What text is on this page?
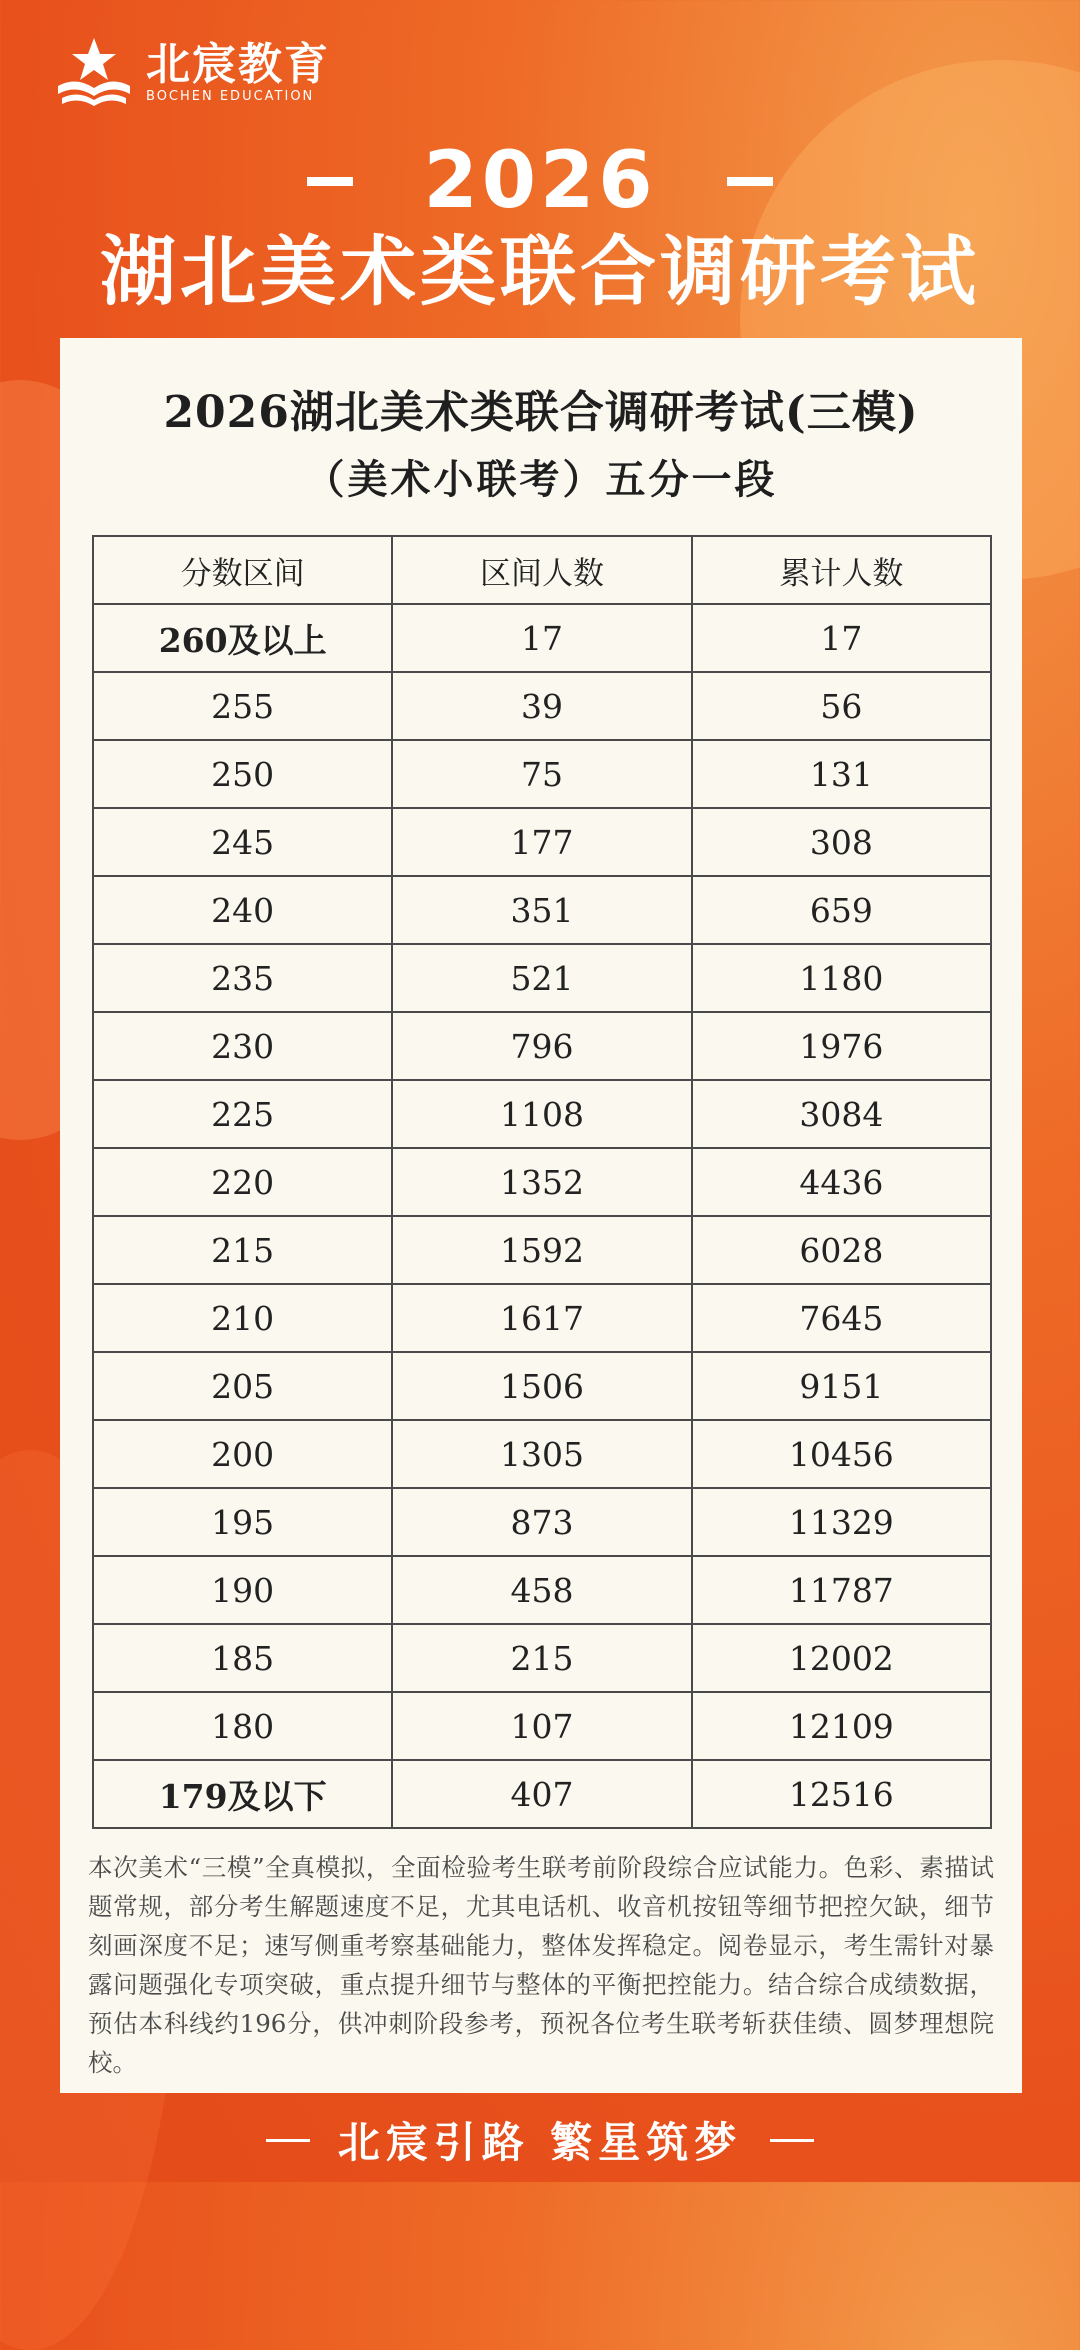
北宸教育
BOCHEN EDUCATION
2026
湖北美术类联合调研考试
2026湖北美术类联合调研考试(三模)
（美术小联考）五分一段
分数区间	区间人数	累计人数
260及以上	17	17
255	39	56
250	75	131
245	177	308
240	351	659
235	521	1180
230	796	1976
225	1108	3084
220	1352	4436
215	1592	6028
210	1617	7645
205	1506	9151
200	1305	10456
195	873	11329
190	458	11787
185	215	12002
180	107	12109
179及以下	407	12516
本次美术“三模”全真模拟，全面检验考生联考前阶段综合应试能力。色彩、素描试题常规，部分考生解题速度不足，尤其电话机、收音机按钮等细节把控欠缺，细节刻画深度不足；速写侧重考察基础能力，整体发挥稳定。阅卷显示，考生需针对暴露问题强化专项突破，重点提升细节与整体的平衡把控能力。结合综合成绩数据，预估本科线约196分，供冲刺阶段参考，预祝各位考生联考斩获佳绩、圆梦理想院校。
北宸引路 繁星筑梦
